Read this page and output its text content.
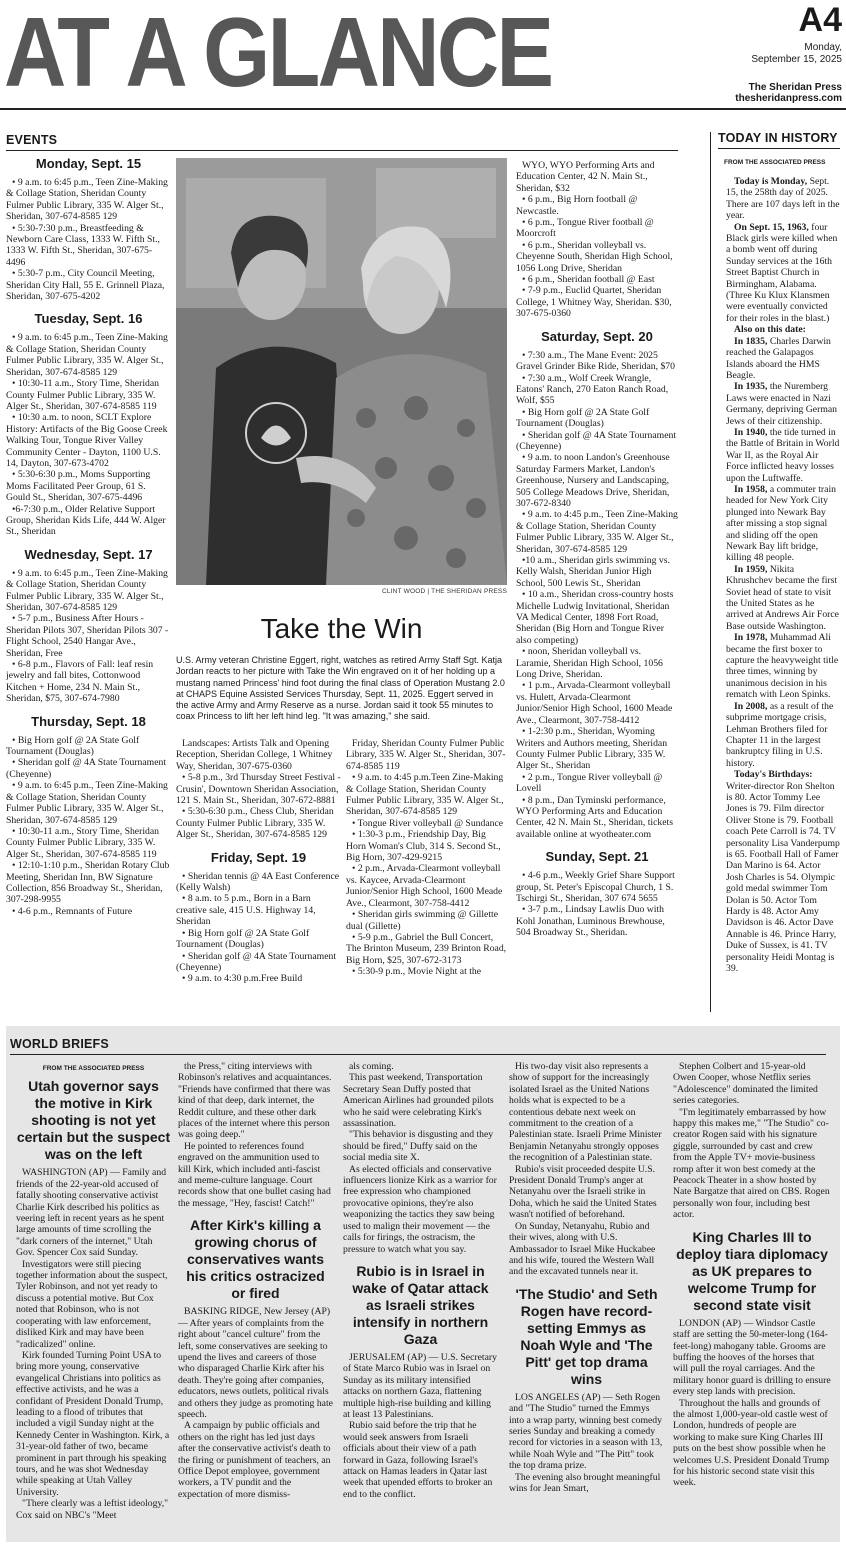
AT A GLANCE	A4
Monday,
September 15, 2025
The Sheridan Press
thesheridanpress.com
EVENTS
Monday, Sept. 15

• 9 a.m. to 6:45 p.m., Teen Zine-Making & Collage Station, Sheridan County Fulmer Public Library, 335 W. Alger St., Sheridan, 307-674-8585 129

• 5:30-7:30 p.m., Breastfeeding & Newborn Care Class, 1333 W. Fifth St., 1333 W. Fifth St., Sheridan, 307-675-4496

• 5:30-7 p.m., City Council Meeting, Sheridan City Hall, 55 E. Grinnell Plaza, Sheridan, 307-675-4202

Tuesday, Sept. 16

• 9 a.m. to 6:45 p.m., Teen Zine-Making & Collage Station, Sheridan County Fulmer Public Library, 335 W. Alger St., Sheridan, 307-674-8585 129

• 10:30-11 a.m., Story Time, Sheridan County Fulmer Public Library, 335 W. Alger St., Sheridan, 307-674-8585 119

• 10:30 a.m. to noon, SCLT Explore History: Artifacts of the Big Goose Creek Walking Tour, Tongue River Valley Community Center - Dayton, 1100 U.S. 14, Dayton, 307-673-4702

• 5:30-6:30 p.m., Moms Supporting Moms Facilitated Peer Group, 61 S. Gould St., Sheridan, 307-675-4496

•6-7:30 p.m., Older Relative Support Group, Sheridan Kids Life, 444 W. Alger St., Sheridan

Wednesday, Sept. 17

• 9 a.m. to 6:45 p.m., Teen Zine-Making & Collage Station, Sheridan County Fulmer Public Library, 335 W. Alger St., Sheridan, 307-674-8585 129

• 5-7 p.m., Business After Hours - Sheridan Pilots 307, Sheridan Pilots 307 - Flight School, 2540 Hangar Ave., Sheridan, Free

• 6-8 p.m., Flavors of Fall: leaf resin jewelry and fall bites, Cottonwood Kitchen + Home, 234 N. Main St., Sheridan, $75, 307-674-7980

Thursday, Sept. 18

• Big Horn golf @ 2A State Golf Tournament (Douglas)

• Sheridan golf @ 4A State Tournament (Cheyenne)

• 9 a.m. to 6:45 p.m., Teen Zine-Making & Collage Station, Sheridan County Fulmer Public Library, 335 W. Alger St., Sheridan, 307-674-8585 129

• 10:30-11 a.m., Story Time, Sheridan County Fulmer Public Library, 335 W. Alger St., Sheridan, 307-674-8585 119

• 12:10-1:10 p.m., Sheridan Rotary Club Meeting, Sheridan Inn, BW Signature Collection, 856 Broadway St., Sheridan, 307-298-9955

• 4-6 p.m., Remnants of Future

Landscapes: Artists Talk and Opening Reception, Sheridan College, 1 Whitney Way, Sheridan, 307-675-0360

• 5-8 p.m., 3rd Thursday Street Festival - Crusin', Downtown Sheridan Association, 121 S. Main St., Sheridan, 307-672-8881

• 5:30-6:30 p.m., Chess Club, Sheridan County Fulmer Public Library, 335 W. Alger St., Sheridan, 307-674-8585 129

Friday, Sept. 19

• Sheridan tennis @ 4A East Conference (Kelly Walsh)

• 8 a.m. to 5 p.m., Born in a Barn creative sale, 415 U.S. Highway 14, Sheridan

• Big Horn golf @ 2A State Golf Tournament (Douglas)

• Sheridan golf @ 4A State Tournament (Cheyenne)

• 9 a.m. to 4:30 p.m.Free Build

Friday, Sheridan County Fulmer Public Library, 335 W. Alger St., Sheridan, 307-674-8585 119

• 9 a.m. to 4:45 p.m.Teen Zine-Making & Collage Station, Sheridan County Fulmer Public Library, 335 W. Alger St., Sheridan, 307-674-8585 129

• Tongue River volleyball @ Sundance

• 1:30-3 p.m., Friendship Day, Big Horn Woman's Club, 314 S. Second St., Big Horn, 307-429-9215

• 2 p.m., Arvada-Clearmont volleyball vs. Kaycee, Arvada-Clearmont Junior/Senior High School, 1600 Meade Ave., Clearmont, 307-758-4412

• Sheridan girls swimming @ Gillette dual (Gillette)

• 5-9 p.m., Gabriel the Bull Concert, The Brinton Museum, 239 Brinton Road, Big Horn, $25, 307-672-3173

• 5:30-9 p.m., Movie Night at the

WYO, WYO Performing Arts and Education Center, 42 N. Main St., Sheridan, $32

• 6 p.m., Big Horn football @ Newcastle.

• 6 p.m., Tongue River football @ Moorcroft

• 6 p.m., Sheridan volleyball vs. Cheyenne South, Sheridan High School, 1056 Long Drive, Sheridan

• 6 p.m., Sheridan football @ East

• 7-9 p.m., Euclid Quartet, Sheridan College, 1 Whitney Way, Sheridan. $30, 307-675-0360

Saturday, Sept. 20

• 7:30 a.m., The Mane Event: 2025 Gravel Grinder Bike Ride, Sheridan, $70

• 7:30 a.m., Wolf Creek Wrangle, Eatons' Ranch, 270 Eaton Ranch Road, Wolf, $55

• Big Horn golf @ 2A State Golf Tournament (Douglas)

• Sheridan golf @ 4A State Tournament (Cheyenne)

• 9 a.m. to noon Landon's Greenhouse Saturday Farmers Market, Landon's Greenhouse, Nursery and Landscaping, 505 College Meadows Drive, Sheridan, 307-672-8340

• 9 a.m. to 4:45 p.m., Teen Zine-Making & Collage Station, Sheridan County Fulmer Public Library, 335 W. Alger St., Sheridan, 307-674-8585 129

•10 a.m., Sheridan girls swimming vs. Kelly Walsh, Sheridan Junior High School, 500 Lewis St., Sheridan

• 10 a.m., Sheridan cross-country hosts Michelle Ludwig Invitational, Sheridan VA Medical Center, 1898 Fort Road, Sheridan (Big Horn and Tongue River also competing)

• noon, Sheridan volleyball vs. Laramie, Sheridan High School, 1056 Long Drive, Sheridan.

• 1 p.m., Arvada-Clearmont volleyball vs. Hulett, Arvada-Clearmont Junior/Senior High School, 1600 Meade Ave., Clearmont, 307-758-4412

• 1-2:30 p.m., Sheridan, Wyoming Writers and Authors meeting, Sheridan County Fulmer Public Library, 335 W. Alger St., Sheridan

• 2 p.m., Tongue River volleyball @ Lovell

• 8 p.m., Dan Tyminski performance, WYO Performing Arts and Education Center, 42 N. Main St., Sheridan, tickets available online at wyotheater.com

Sunday, Sept. 21

• 4-6 p.m., Weekly Grief Share Support group, St. Peter's Episcopal Church, 1 S. Tschirgi St., Sheridan, 307 674 5655

• 3-7 p.m., Lindsay Lawlis Duo with Kohl Jonathan, Luminous Brewhouse, 504 Broadway St., Sheridan.

CLINT WOOD | THE SHERIDAN PRESS
Take the Win
U.S. Army veteran Christine Eggert, right, watches as retired Army Staff Sgt. Katja Jordan reacts to her picture with Take the Win engraved on it of her holding up a mustang named Princess' hind foot during the final class of Operation Mustang 2.0 at CHAPS Equine Assisted Services Thursday, Sept. 11, 2025. Eggert served in the active Army and Army Reserve as a nurse. Jordan said it took 55 minutes to coax Princess to lift her left hind leg. "It was amazing," she said.
TODAY IN HISTORY
FROM THE ASSOCIATED PRESS

Today is Monday, Sept. 15, the 258th day of 2025. There are 107 days left in the year.

On Sept. 15, 1963, four Black girls were killed when a bomb went off during Sunday services at the 16th Street Baptist Church in Birmingham, Alabama. (Three Ku Klux Klansmen were eventually convicted for their roles in the blast.)

Also on this date:

In 1835, Charles Darwin reached the Galapagos Islands aboard the HMS Beagle.

In 1935, the Nuremberg Laws were enacted in Nazi Germany, depriving German Jews of their citizenship.

In 1940, the tide turned in the Battle of Britain in World War II, as the Royal Air Force inflicted heavy losses upon the Luftwaffe.

In 1958, a commuter train headed for New York City plunged into Newark Bay after missing a stop signal and sliding off the open Newark Bay lift bridge, killing 48 people.

In 1959, Nikita Khrushchev became the first Soviet head of state to visit the United States as he arrived at Andrews Air Force Base outside Washington.

In 1978, Muhammad Ali became the first boxer to capture the heavyweight title three times, winning by unanimous decision in his rematch with Leon Spinks.

In 2008, as a result of the subprime mortgage crisis, Lehman Brothers filed for Chapter 11 in the largest bankruptcy filing in U.S. history.

Today's Birthdays: Writer-director Ron Shelton is 80. Actor Tommy Lee Jones is 79. Film director Oliver Stone is 79. Football coach Pete Carroll is 74. TV personality Lisa Vanderpump is 65. Football Hall of Famer Dan Marino is 64. Actor Josh Charles is 54. Olympic gold medal swimmer Tom Dolan is 50. Actor Tom Hardy is 48. Actor Amy Davidson is 46. Actor Dave Annable is 46. Prince Harry, Duke of Sussex, is 41. TV personality Heidi Montag is 39.

WORLD BRIEFS
FROM THE ASSOCIATED PRESS
Utah governor says the motive in Kirk shooting is not yet certain but the suspect was on the left

WASHINGTON (AP) — Family and friends of the 22-year-old accused of fatally shooting conservative activist Charlie Kirk described his politics as veering left in recent years as he spent large amounts of time scrolling the "dark corners of the internet," Utah Gov. Spencer Cox said Sunday.

Investigators were still piecing together information about the suspect, Tyler Robinson, and not yet ready to discuss a potential motive. But Cox noted that Robinson, who is not cooperating with law enforcement, disliked Kirk and may have been "radicalized" online.

Kirk founded Turning Point USA to bring more young, conservative evangelical Christians into politics as effective activists, and he was a confidant of President Donald Trump, leading to a flood of tributes that included a vigil Sunday night at the Kennedy Center in Washington. Kirk, a 31-year-old father of two, became prominent in part through his speaking tours, and he was shot Wednesday while speaking at Utah Valley University.

"There clearly was a leftist ideology," Cox said on NBC's "Meet

the Press," citing interviews with Robinson's relatives and acquaintances. "Friends have confirmed that there was kind of that deep, dark internet, the Reddit culture, and these other dark places of the internet where this person was going deep."

He pointed to references found engraved on the ammunition used to kill Kirk, which included anti-fascist and meme-culture language. Court records show that one bullet casing had the message, "Hey, fascist! Catch!"

After Kirk's killing a growing chorus of conservatives wants his critics ostracized or fired

BASKING RIDGE, New Jersey (AP) — After years of complaints from the right about "cancel culture" from the left, some conservatives are seeking to upend the lives and careers of those who disparaged Charlie Kirk after his death. They're going after companies, educators, news outlets, political rivals and others they judge as promoting hate speech.

A campaign by public officials and others on the right has led just days after the conservative activist's death to the firing or punishment of teachers, an Office Depot employee, government workers, a TV pundit and the expectation of more dismiss-

als coming.

This past weekend, Transportation Secretary Sean Duffy posted that American Airlines had grounded pilots who he said were celebrating Kirk's assassination.

"This behavior is disgusting and they should be fired," Duffy said on the social media site X.

As elected officials and conservative influencers lionize Kirk as a warrior for free expression who championed provocative opinions, they're also weaponizing the tactics they saw being used to malign their movement — the calls for firings, the ostracism, the pressure to watch what you say.

Rubio is in Israel in wake of Qatar attack as Israeli strikes intensify in northern Gaza

JERUSALEM (AP) — U.S. Secretary of State Marco Rubio was in Israel on Sunday as its military intensified attacks on northern Gaza, flattening multiple high-rise building and killing at least 13 Palestinians.

Rubio said before the trip that he would seek answers from Israeli officials about their view of a path forward in Gaza, following Israel's attack on Hamas leaders in Qatar last week that upended efforts to broker an end to the conflict.

His two-day visit also represents a show of support for the increasingly isolated Israel as the United Nations holds what is expected to be a contentious debate next week on commitment to the creation of a Palestinian state. Israeli Prime Minister Benjamin Netanyahu strongly opposes the recognition of a Palestinian state.

Rubio's visit proceeded despite U.S. President Donald Trump's anger at Netanyahu over the Israeli strike in Doha, which he said the United States wasn't notified of beforehand.

On Sunday, Netanyahu, Rubio and their wives, along with U.S. Ambassador to Israel Mike Huckabee and his wife, toured the Western Wall and the excavated tunnels near it.

'The Studio' and Seth Rogen have record-setting Emmys as Noah Wyle and 'The Pitt' get top drama wins

LOS ANGELES (AP) — Seth Rogen and "The Studio" turned the Emmys into a wrap party, winning best comedy series Sunday and breaking a comedy record for victories in a season with 13, while Noah Wyle and "The Pitt" took the top drama prize.

The evening also brought meaningful wins for Jean Smart,

Stephen Colbert and 15-year-old Owen Cooper, whose Netflix series "Adolescence" dominated the limited series categories.

"I'm legitimately embarrassed by how happy this makes me," "The Studio" co-creator Rogen said with his signature giggle, surrounded by cast and crew from the Apple TV+ movie-business romp after it won best comedy at the Peacock Theater in a show hosted by Nate Bargatze that aired on CBS. Rogen personally won four, including best actor.

King Charles III to deploy tiara diplomacy as UK prepares to welcome Trump for second state visit

LONDON (AP) — Windsor Castle staff are setting the 50-meter-long (164-feet-long) mahogany table. Grooms are buffing the hooves of the horses that will pull the royal carriages. And the military honor guard is drilling to ensure every step lands with precision.

Throughout the halls and grounds of the almost 1,000-year-old castle west of London, hundreds of people are working to make sure King Charles III puts on the best show possible when he welcomes U.S. President Donald Trump for his historic second state visit this week.
